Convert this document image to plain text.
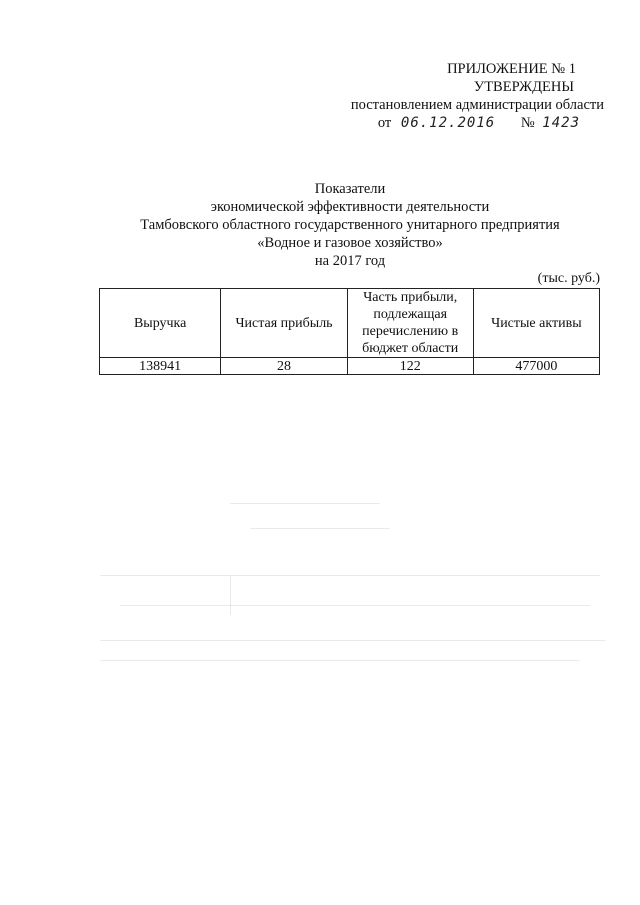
ПРИЛОЖЕНИЕ № 1
УТВЕРЖДЕНЫ
постановлением администрации области
от 06.12.2016 № 1423
Показатели
экономической эффективности деятельности
Тамбовского областного государственного унитарного предприятия
«Водное и газовое хозяйство»
на 2017 год
(тыс. руб.)
Выручка	Чистая прибыль	Часть прибыли, подлежащая перечислению в бюджет области	Чистые активы
138941	28	122	477000
